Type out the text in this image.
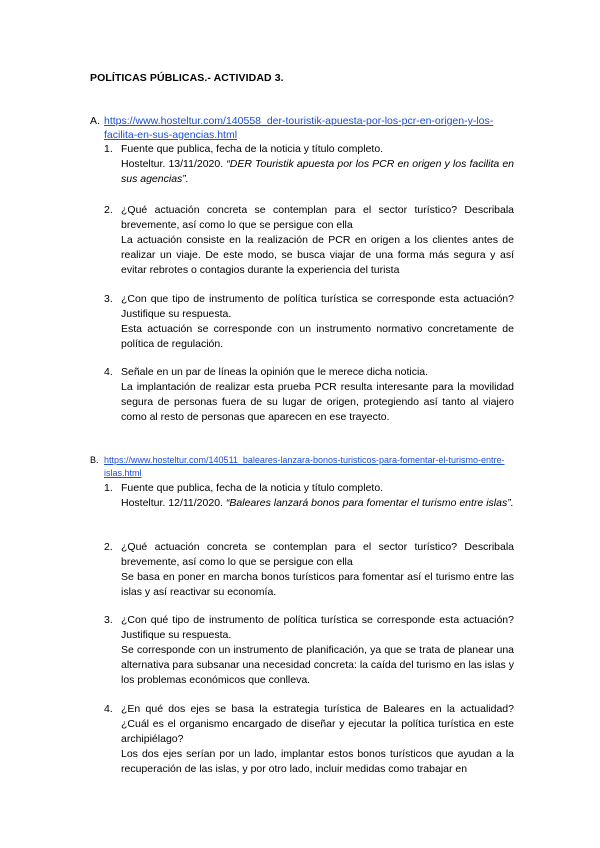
POLÍTICAS PÚBLICAS.- ACTIVIDAD 3.
A. https://www.hosteltur.com/140558_der-touristik-apuesta-por-los-pcr-en-origen-y-los-facilita-en-sus-agencias.html
1. Fuente que publica, fecha de la noticia y título completo.

Hosteltur. 13/11/2020. “DER Touristik apuesta por los PCR en origen y los facilita en sus agencias”.

2. ¿Qué actuación concreta se contemplan para el sector turístico? Describala brevemente, así como lo que se persigue con ella

La actuación consiste en la realización de PCR en origen a los clientes antes de realizar un viaje. De este modo, se busca viajar de una forma más segura y así evitar rebrotes o contagios durante la experiencia del turista

3. ¿Con que tipo de instrumento de política turística se corresponde esta actuación? Justifique su respuesta.

Esta actuación se corresponde con un instrumento normativo concretamente de política de regulación.

4. Señale en un par de líneas la opinión que le merece dicha noticia.

La implantación de realizar esta prueba PCR resulta interesante para la movilidad segura de personas fuera de su lugar de origen, protegiendo así tanto al viajero como al resto de personas que aparecen en ese trayecto.

B. https://www.hosteltur.com/140511_baleares-lanzara-bonos-turisticos-para-fomentar-el-turismo-entre-islas.html
1. Fuente que publica, fecha de la noticia y título completo.

Hosteltur. 12/11/2020. “Baleares lanzará bonos para fomentar el turismo entre islas”.

2. ¿Qué actuación concreta se contemplan para el sector turístico? Describala brevemente, así como lo que se persigue con ella

Se basa en poner en marcha bonos turísticos para fomentar así el turismo entre las islas y así reactivar su economía.

3. ¿Con qué tipo de instrumento de política turística se corresponde esta actuación? Justifique su respuesta.

Se corresponde con un instrumento de planificación, ya que se trata de planear una alternativa para subsanar una necesidad concreta: la caída del turismo en las islas y los problemas económicos que conlleva.

4. ¿En qué dos ejes se basa la estrategia turística de Baleares en la actualidad? ¿Cuál es el organismo encargado de diseñar y ejecutar la política turística en este archipiélago?

Los dos ejes serían por un lado, implantar estos bonos turísticos que ayudan a la recuperación de las islas, y por otro lado, incluir medidas como trabajar en
